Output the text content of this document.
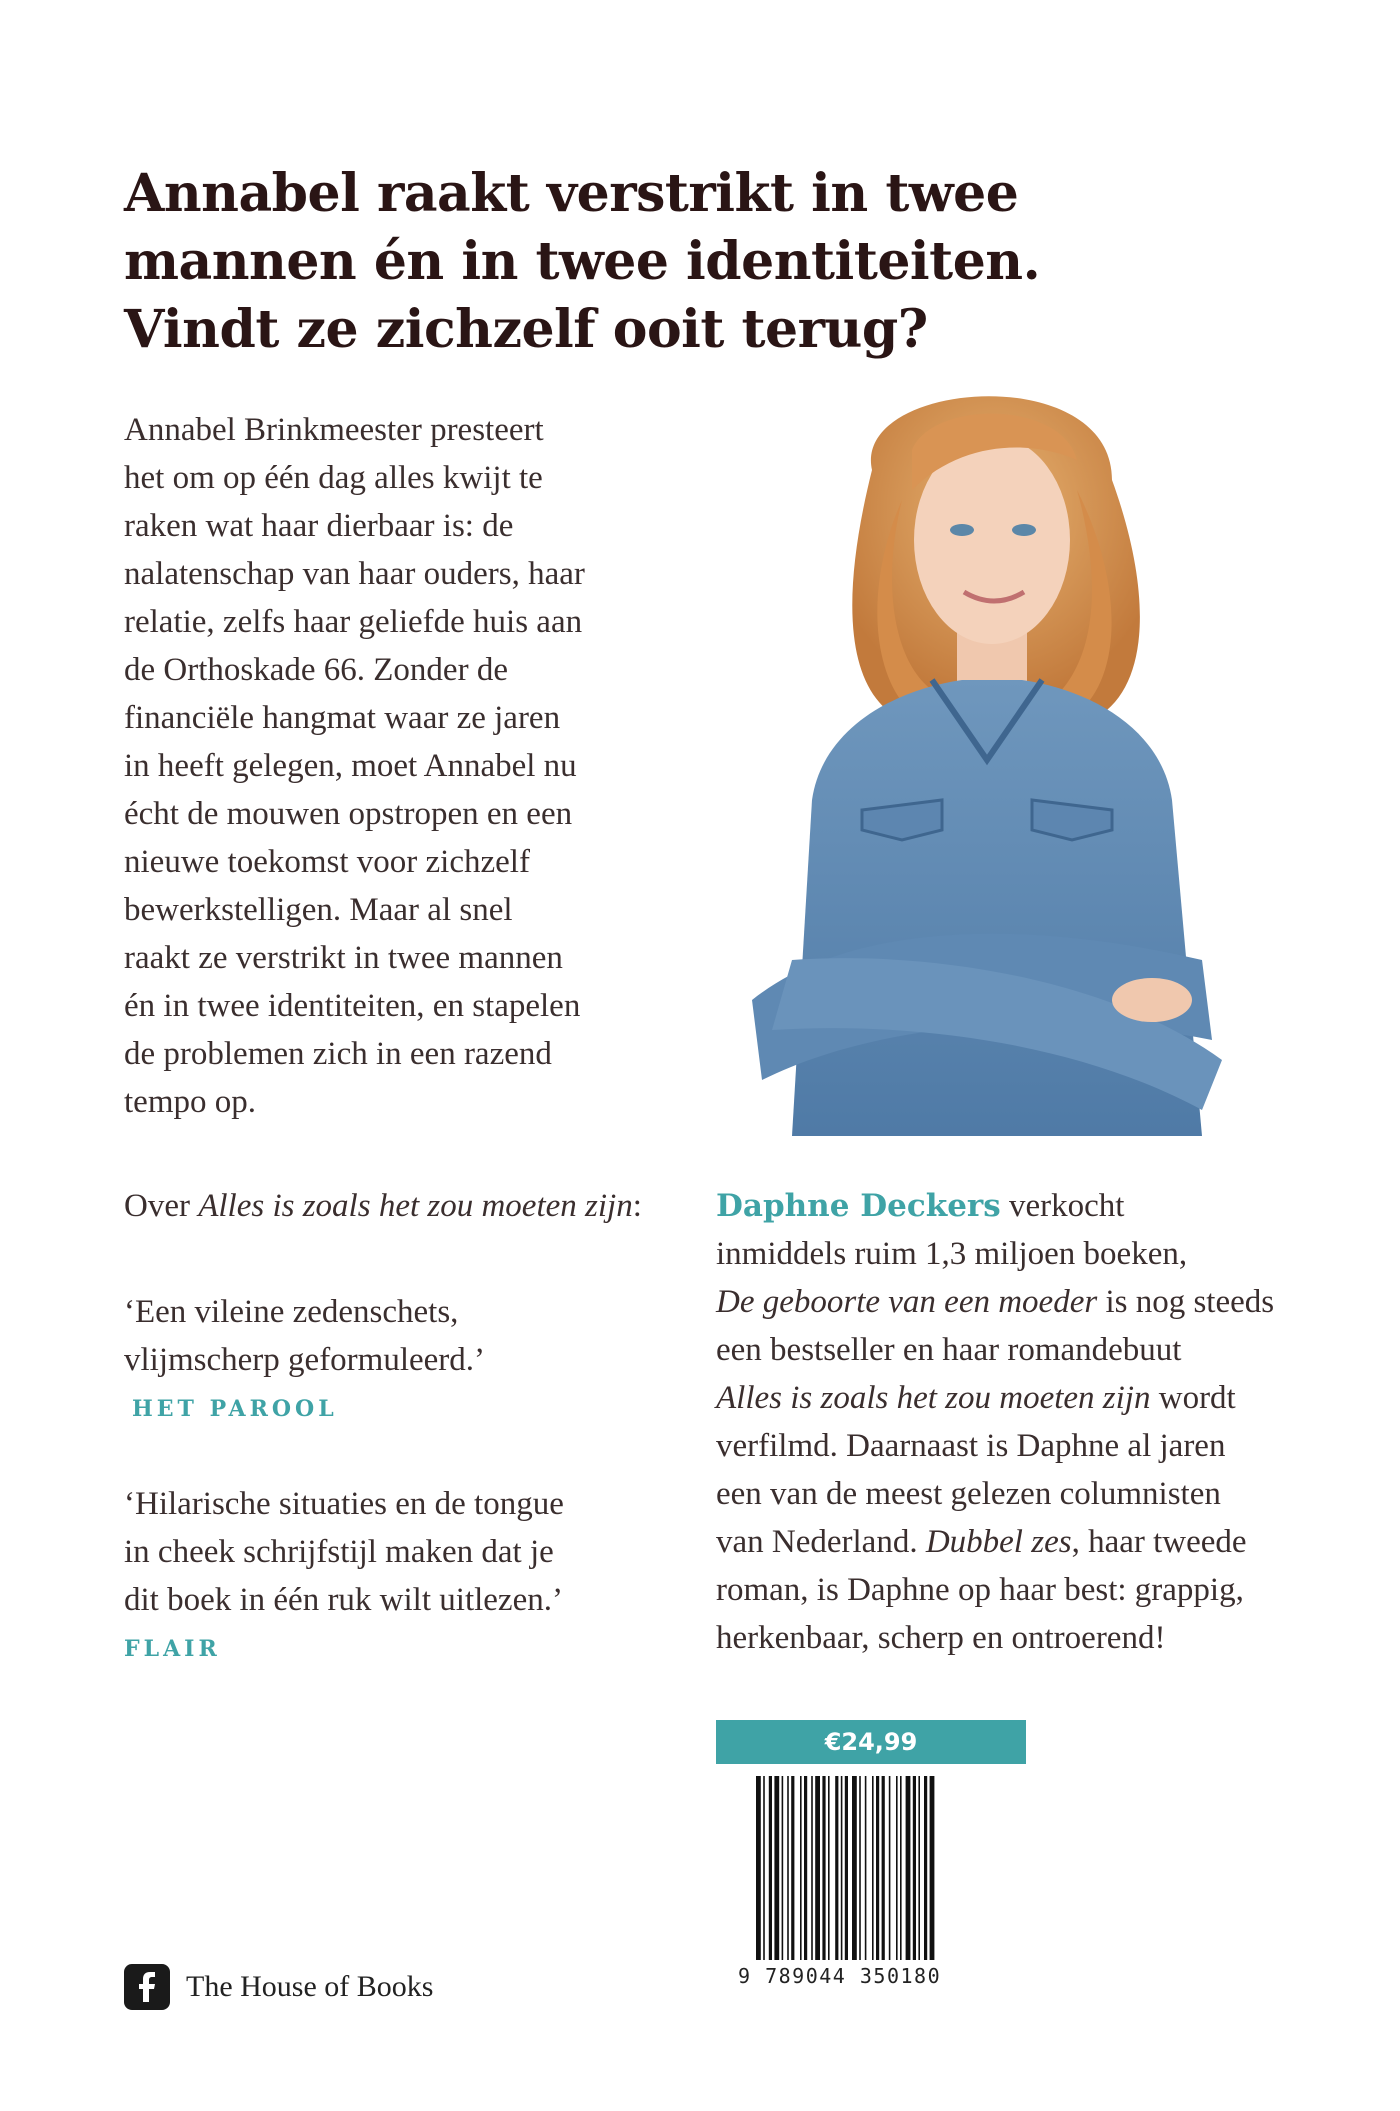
Annabel raakt verstrikt in twee
mannen én in twee identiteiten.
Vindt ze zichzelf ooit terug?

Annabel Brinkmeester presteert
het om op één dag alles kwijt te
raken wat haar dierbaar is: de
nalatenschap van haar ouders, haar
relatie, zelfs haar geliefde huis aan
de Orthoskade 66. Zonder de
financiële hangmat waar ze jaren
in heeft gelegen, moet Annabel nu
écht de mouwen opstropen en een
nieuwe toekomst voor zichzelf
bewerkstelligen. Maar al snel
raakt ze verstrikt in twee mannen
én in twee identiteiten, en stapelen
de problemen zich in een razend
tempo op.

Over Alles is zoals het zou moeten zijn:
‘Een vileine zedenschets,
vlijmscherp geformuleerd.’
HET PAROOL
‘Hilarische situaties en de tongue
in cheek schrijfstijl maken dat je
dit boek in één ruk wilt uitlezen.’
FLAIR
Daphne Deckers verkocht
inmiddels ruim 1,3 miljoen boeken,
De geboorte van een moeder is nog steeds
een bestseller en haar romandebuut
Alles is zoals het zou moeten zijn wordt
verfilmd. Daarnaast is Daphne al jaren
een van de meest gelezen columnisten
van Nederland. Dubbel zes, haar tweede
roman, is Daphne op haar best: grappig,
herkenbaar, scherp en ontroerend!
€24,99
9 789044 350180
The House of Books
